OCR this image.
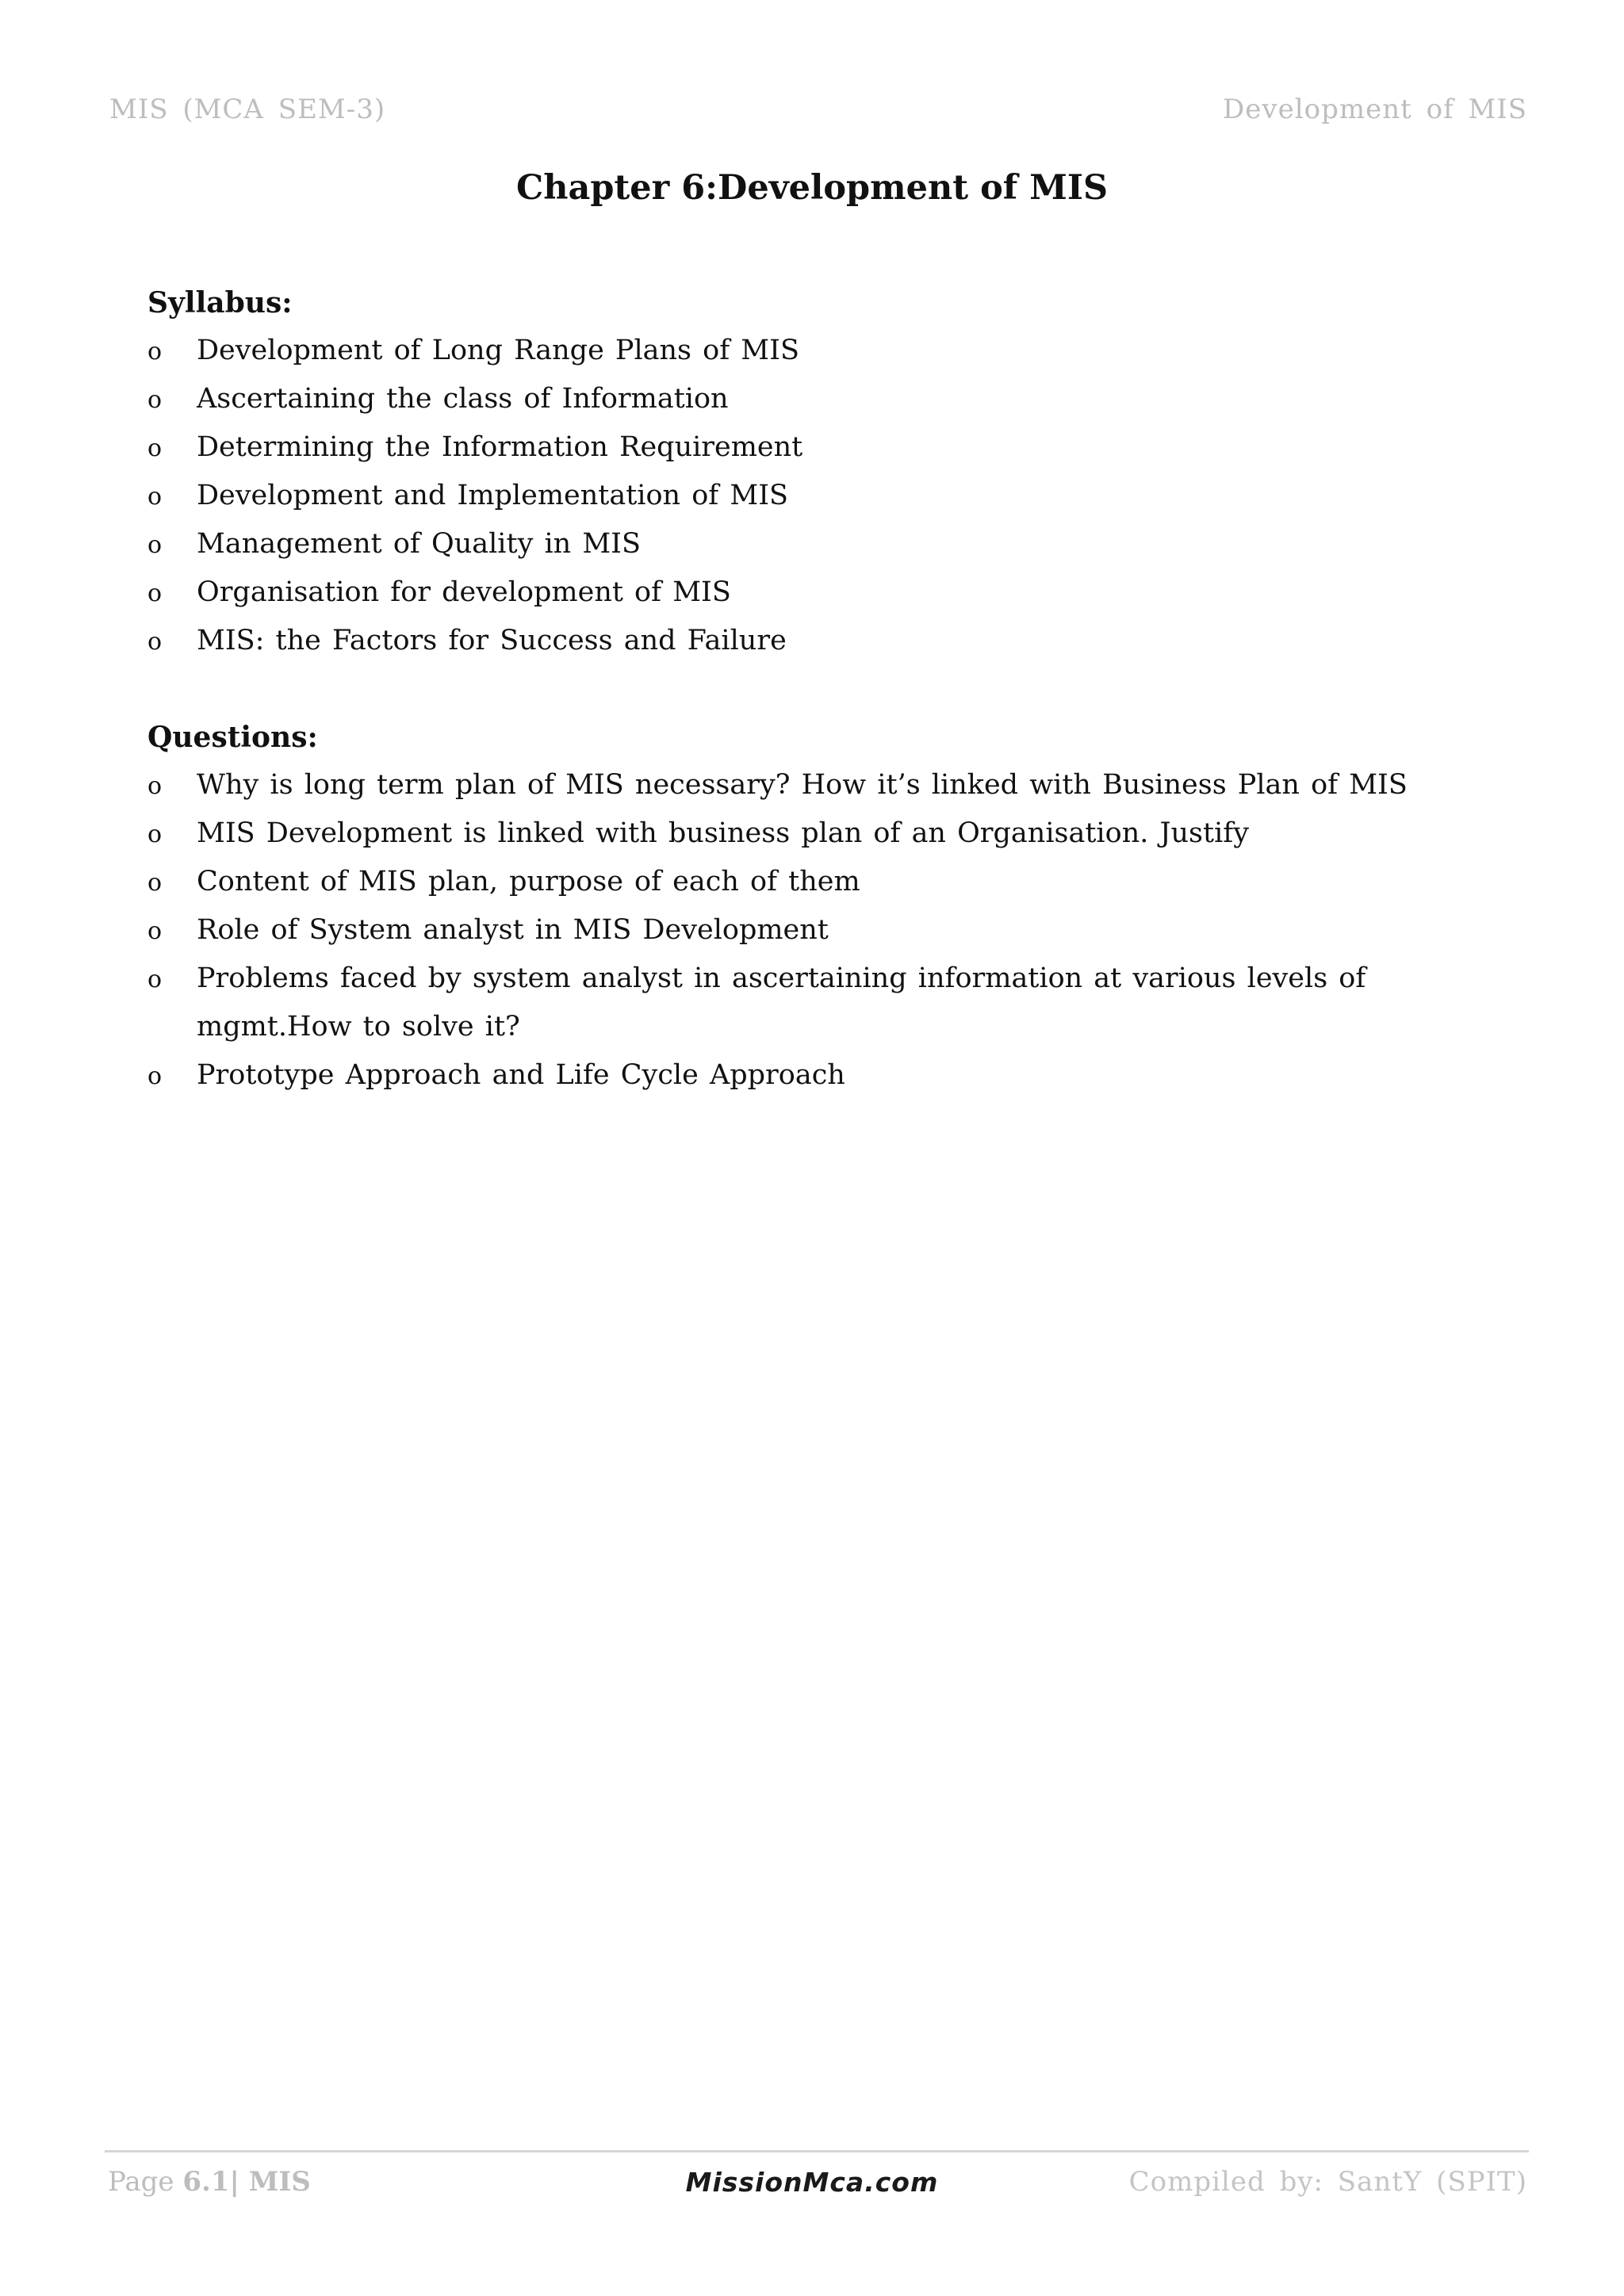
MIS (MCA SEM-3)	Development of MIS
Chapter 6:Development of MIS

Syllabus:

o Development of Long Range Plans of MIS
o Ascertaining the class of Information
o Determining the Information Requirement
o Development and Implementation of MIS
o Management of Quality in MIS
o Organisation for development of MIS
o MIS: the Factors for Success and Failure

Questions:

o Why is long term plan of MIS necessary? How it’s linked with Business Plan of MIS
o MIS Development is linked with business plan of an Organisation. Justify
o Content of MIS plan, purpose of each of them
o Role of System analyst in MIS Development
o Problems faced by system analyst in ascertaining information at various levels of mgmt.How to solve it?
o Prototype Approach and Life Cycle Approach
Page 6.1| MIS	MissionMca.com	Compiled by: SantY (SPIT)
